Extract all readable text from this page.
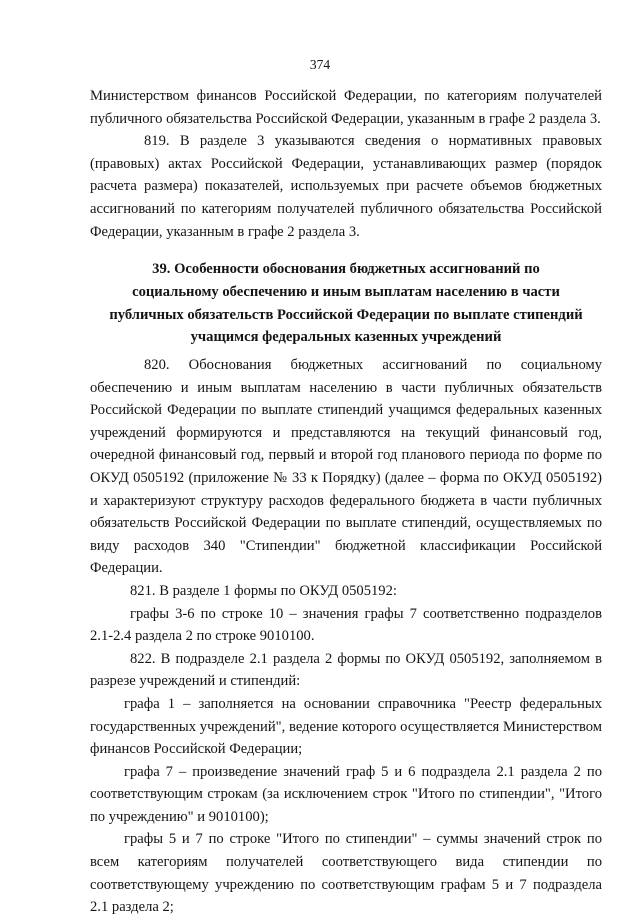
374

Министерством финансов Российской Федерации, по категориям получателей публичного обязательства Российской Федерации, указанным в графе 2 раздела 3.

819. В разделе 3 указываются сведения о нормативных правовых (правовых) актах Российской Федерации, устанавливающих размер (порядок расчета размера) показателей, используемых при расчете объемов бюджетных ассигнований по категориям получателей публичного обязательства Российской Федерации, указанным в графе 2 раздела 3.

39. Особенности обоснования бюджетных ассигнований по
социальному обеспечению и иным выплатам населению в части
публичных обязательств Российской Федерации по выплате стипендий
учащимся федеральных казенных учреждений

820. Обоснования бюджетных ассигнований по социальному обеспечению и иным выплатам населению в части публичных обязательств Российской Федерации по выплате стипендий учащимся федеральных казенных учреждений формируются и представляются на текущий финансовый год, очередной финансовый год, первый и второй год планового периода по форме по ОКУД 0505192 (приложение № 33 к Порядку) (далее – форма по ОКУД 0505192) и характеризуют структуру расходов федерального бюджета в части публичных обязательств Российской Федерации по выплате стипендий, осуществляемых по виду расходов 340 "Стипендии" бюджетной классификации Российской Федерации.

821. В разделе 1 формы по ОКУД 0505192:

графы 3-6 по строке 10 – значения графы 7 соответственно подразделов 2.1-2.4 раздела 2 по строке 9010100.

822. В подразделе 2.1 раздела 2 формы по ОКУД 0505192, заполняемом в разрезе учреждений и стипендий:

графа 1 – заполняется на основании справочника "Реестр федеральных государственных учреждений", ведение которого осуществляется Министерством финансов Российской Федерации;

графа 7 – произведение значений граф 5 и 6 подраздела 2.1 раздела 2 по соответствующим строкам (за исключением строк "Итого по стипендии", "Итого по учреждению" и 9010100);

графы 5 и 7 по строке "Итого по стипендии" – суммы значений строк по всем категориям получателей соответствующего вида стипендии по соответствующему учреждению по соответствующим графам 5 и 7 подраздела 2.1 раздела 2;
